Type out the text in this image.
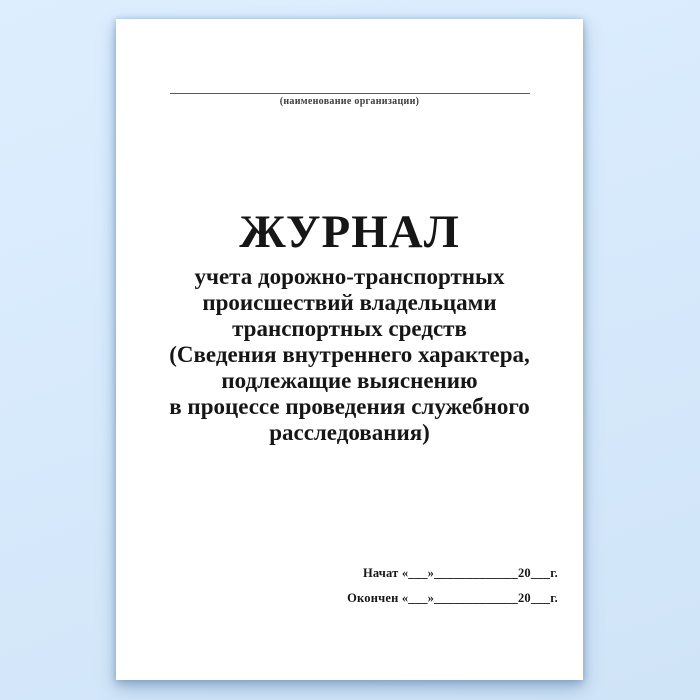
(наименование организации)
ЖУРНАЛ
учета дорожно-транспортных
происшествий владельцами
транспортных средств
(Сведения внутреннего характера,
подлежащие выяснению
в процессе проведения служебного
расследования)
Начат «___»_____________20___г.
Окончен «___»_____________20___г.
